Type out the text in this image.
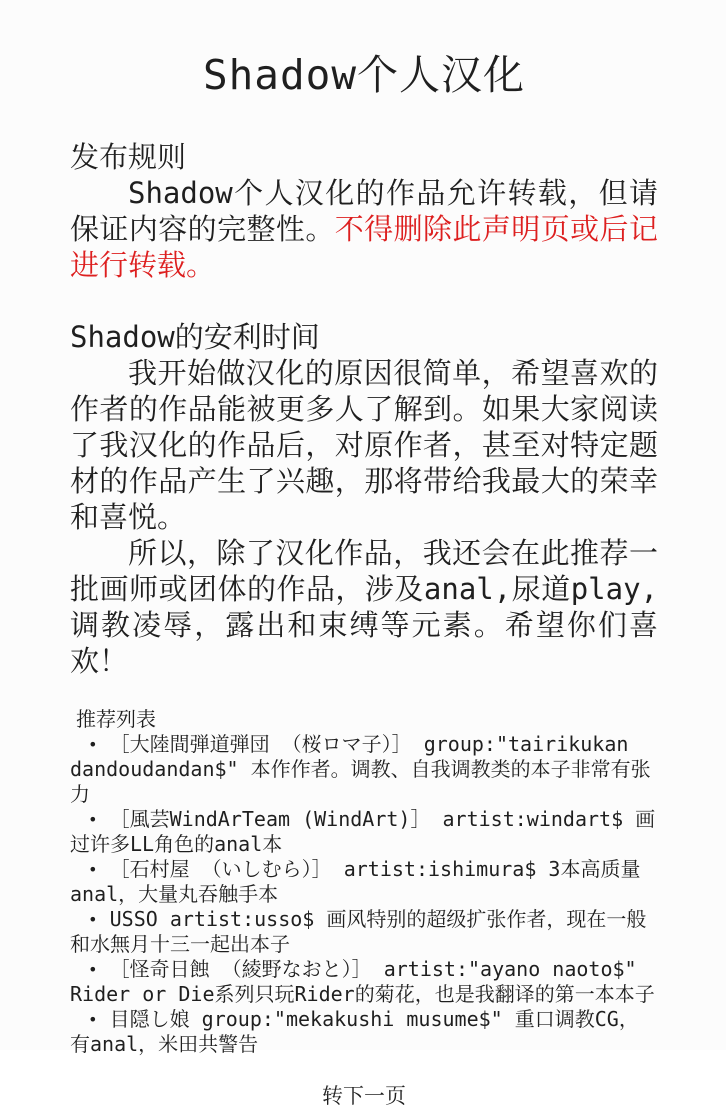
Shadow个人汉化
发布规则

Shadow个人汉化的作品允许转载，但请保证内容的完整性。不得删除此声明页或后记进行转载。

Shadow的安利时间

我开始做汉化的原因很简单，希望喜欢的作者的作品能被更多人了解到。如果大家阅读了我汉化的作品后，对原作者，甚至对特定题材的作品产生了兴趣，那将带给我最大的荣幸和喜悦。

所以，除了汉化作品，我还会在此推荐一批画师或团体的作品，涉及anal,尿道play,调教凌辱，露出和束缚等元素。希望你们喜欢！

推荐列表
• ［大陸間弾道弾団 （桜ロマ子）］ group:"tairikukan dandoudandan$" 本作作者。调教、自我调教类的本子非常有张力
• ［風芸WindArTeam (WindArt)］ artist:windart$ 画过许多LL角色的anal本
• ［石村屋 （いしむら）］ artist:ishimura$ 3本高质量anal，大量丸吞触手本
• USSO artist:usso$ 画风特别的超级扩张作者，现在一般和水無月十三一起出本子
• ［怪奇日蝕 （綾野なおと）］ artist:"ayano naoto$" Rider or Die系列只玩Rider的菊花，也是我翻译的第一本本子
• 目隠し娘 group:"mekakushi musume$" 重口调教CG，有anal，米田共警告
转下一页
